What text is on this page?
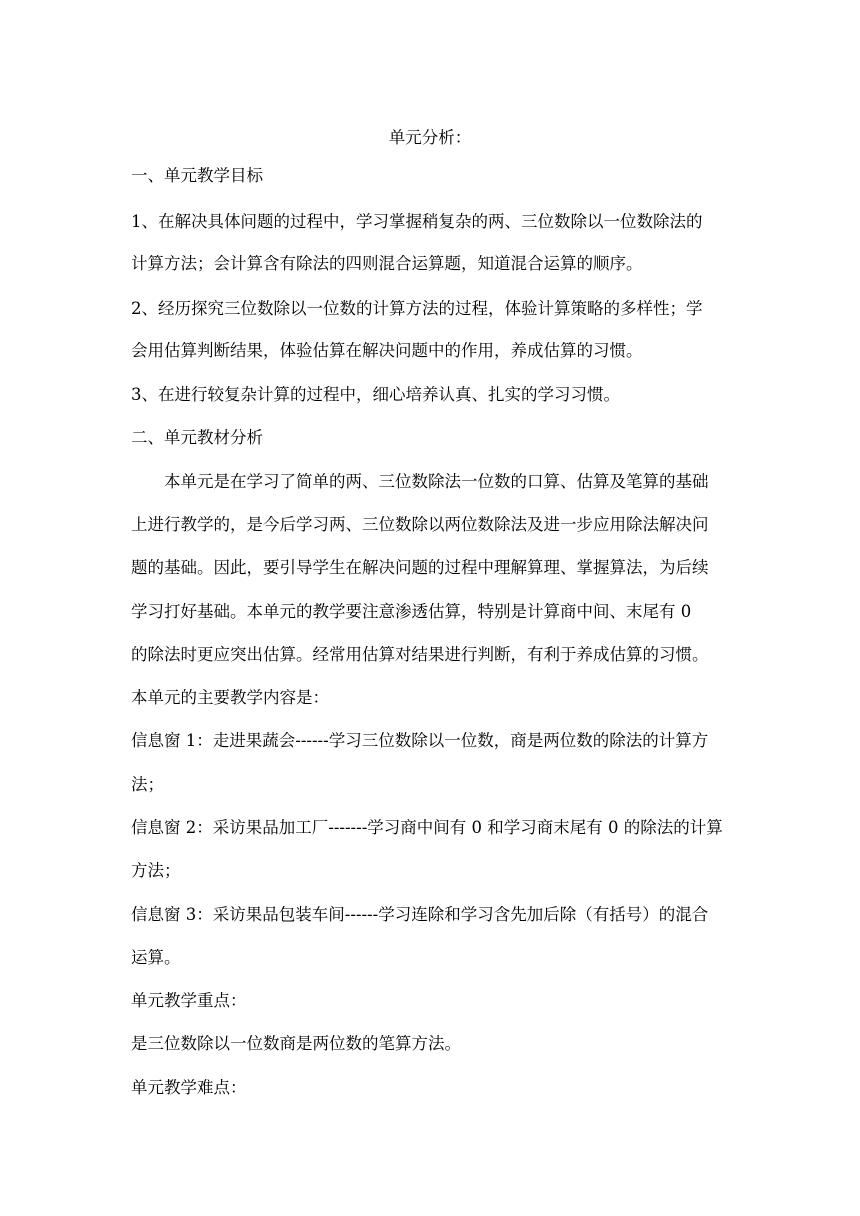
单元分析：
一、单元教学目标
1、在解决具体问题的过程中，学习掌握稍复杂的两、三位数除以一位数除法的
计算方法；会计算含有除法的四则混合运算题，知道混合运算的顺序。
2、经历探究三位数除以一位数的计算方法的过程，体验计算策略的多样性；学
会用估算判断结果，体验估算在解决问题中的作用，养成估算的习惯。
3、在进行较复杂计算的过程中，细心培养认真、扎实的学习习惯。
二、单元教材分析
本单元是在学习了简单的两、三位数除法一位数的口算、估算及笔算的基础
上进行教学的，是今后学习两、三位数除以两位数除法及进一步应用除法解决问
题的基础。因此，要引导学生在解决问题的过程中理解算理、掌握算法，为后续
学习打好基础。本单元的教学要注意渗透估算，特别是计算商中间、末尾有 0
的除法时更应突出估算。经常用估算对结果进行判断，有利于养成估算的习惯。
本单元的主要教学内容是：
信息窗 1：走进果蔬会------学习三位数除以一位数，商是两位数的除法的计算方
法；
信息窗 2：采访果品加工厂-------学习商中间有 0 和学习商末尾有 0 的除法的计算
方法；
信息窗 3：采访果品包装车间------学习连除和学习含先加后除（有括号）的混合
运算。
单元教学重点：
是三位数除以一位数商是两位数的笔算方法。
单元教学难点：
